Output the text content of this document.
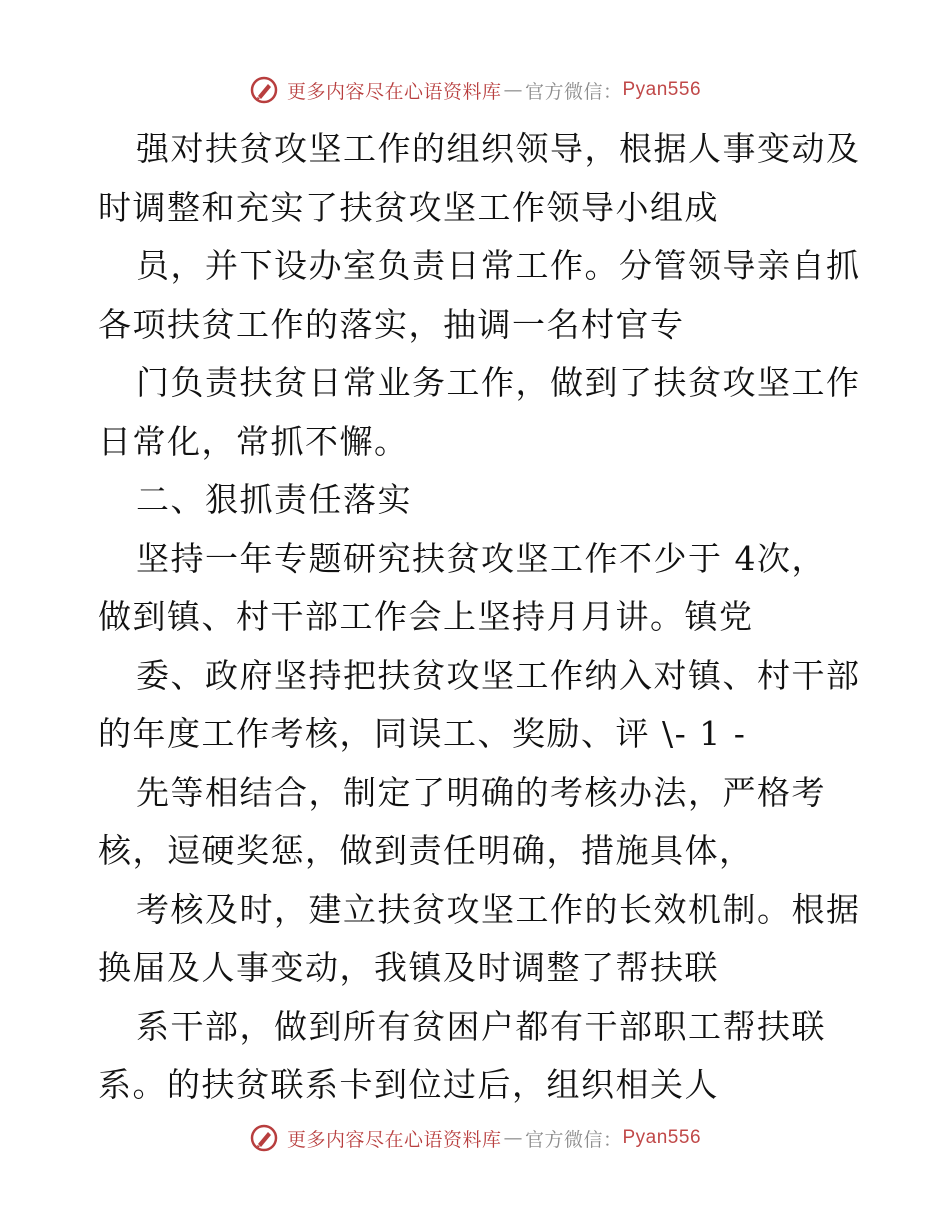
更多内容尽在心语资料库 — 官方微信： Pyan556
强对扶贫攻坚工作的组织领导，根据人事变动及
时调整和充实了扶贫攻坚工作领导小组成
员，并下设办室负责日常工作。分管领导亲自抓
各项扶贫工作的落实，抽调一名村官专
门负责扶贫日常业务工作，做到了扶贫攻坚工作
日常化，常抓不懈。
二、狠抓责任落实
坚持一年专题研究扶贫攻坚工作不少于 4次，
做到镇、村干部工作会上坚持月月讲。镇党
委、政府坚持把扶贫攻坚工作纳入对镇、村干部
的年度工作考核，同误工、奖励、评 \- 1 -
先等相结合，制定了明确的考核办法，严格考
核，逗硬奖惩，做到责任明确，措施具体，
考核及时，建立扶贫攻坚工作的长效机制。根据
换届及人事变动，我镇及时调整了帮扶联
系干部，做到所有贫困户都有干部职工帮扶联
系。的扶贫联系卡到位过后，组织相关人
更多内容尽在心语资料库 — 官方微信： Pyan556
